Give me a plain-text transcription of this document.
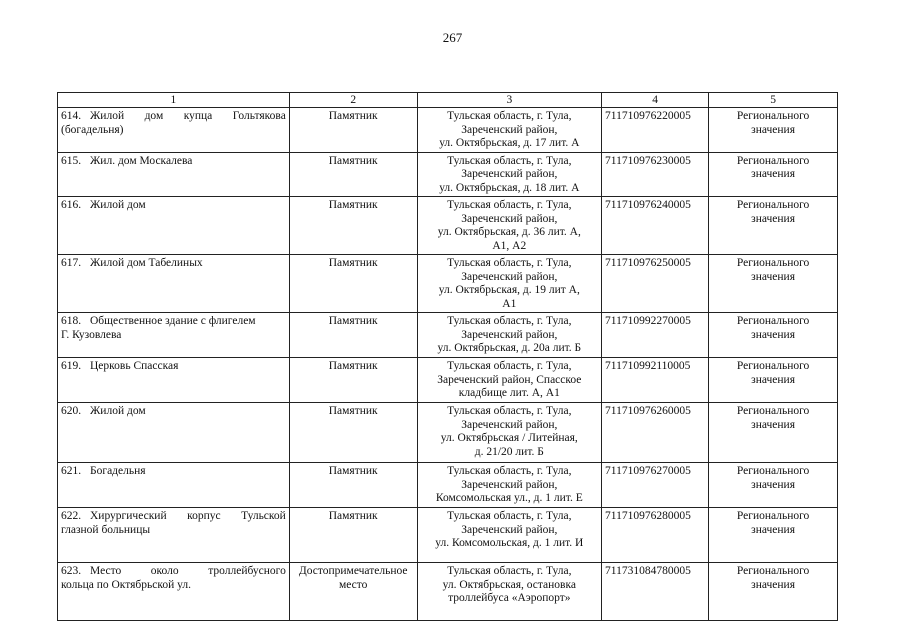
267
1	2	3	4	5

614. Жилой дом купца Гольтякова
(богадельня)	Памятник	Тульская область, г. Тула,
Зареченский район,
ул. Октябрьская, д. 17 лит. А	711710976220005	Регионального
значения

615. Жил. дом Москалева	Памятник	Тульская область, г. Тула,
Зареченский район,
ул. Октябрьская, д. 18 лит. А	711710976230005	Регионального
значения

616. Жилой дом	Памятник	Тульская область, г. Тула,
Зареченский район,
ул. Октябрьская, д. 36 лит. А,
А1, А2	711710976240005	Регионального
значения

617. Жилой дом Табелиных	Памятник	Тульская область, г. Тула,
Зареченский район,
ул. Октябрьская, д. 19 лит А,
А1	711710976250005	Регионального
значения

618. Общественное здание с флигелем
Г. Кузовлева	Памятник	Тульская область, г. Тула,
Зареченский район,
ул. Октябрьская, д. 20а лит. Б	711710992270005	Регионального
значения

619. Церковь Спасская	Памятник	Тульская область, г. Тула,
Зареченский район, Спасское
кладбище лит. А, А1	711710992110005	Регионального
значения

620. Жилой дом	Памятник	Тульская область, г. Тула,
Зареченский район,
ул. Октябрьская / Литейная,
д. 21/20 лит. Б	711710976260005	Регионального
значения

621. Богадельня	Памятник	Тульская область, г. Тула,
Зареченский район,
Комсомольская ул., д. 1 лит. Е	711710976270005	Регионального
значения

622. Хирургический корпус Тульской
глазной больницы	Памятник	Тульская область, г. Тула,
Зареченский район,
ул. Комсомольская, д. 1 лит. И	711710976280005	Регионального
значения

623. Место около троллейбусного
кольца по Октябрьской ул.	Достопримечательное место	Тульская область, г. Тула,
ул. Октябрьская, остановка
троллейбуса «Аэропорт»	711731084780005	Регионального
значения
